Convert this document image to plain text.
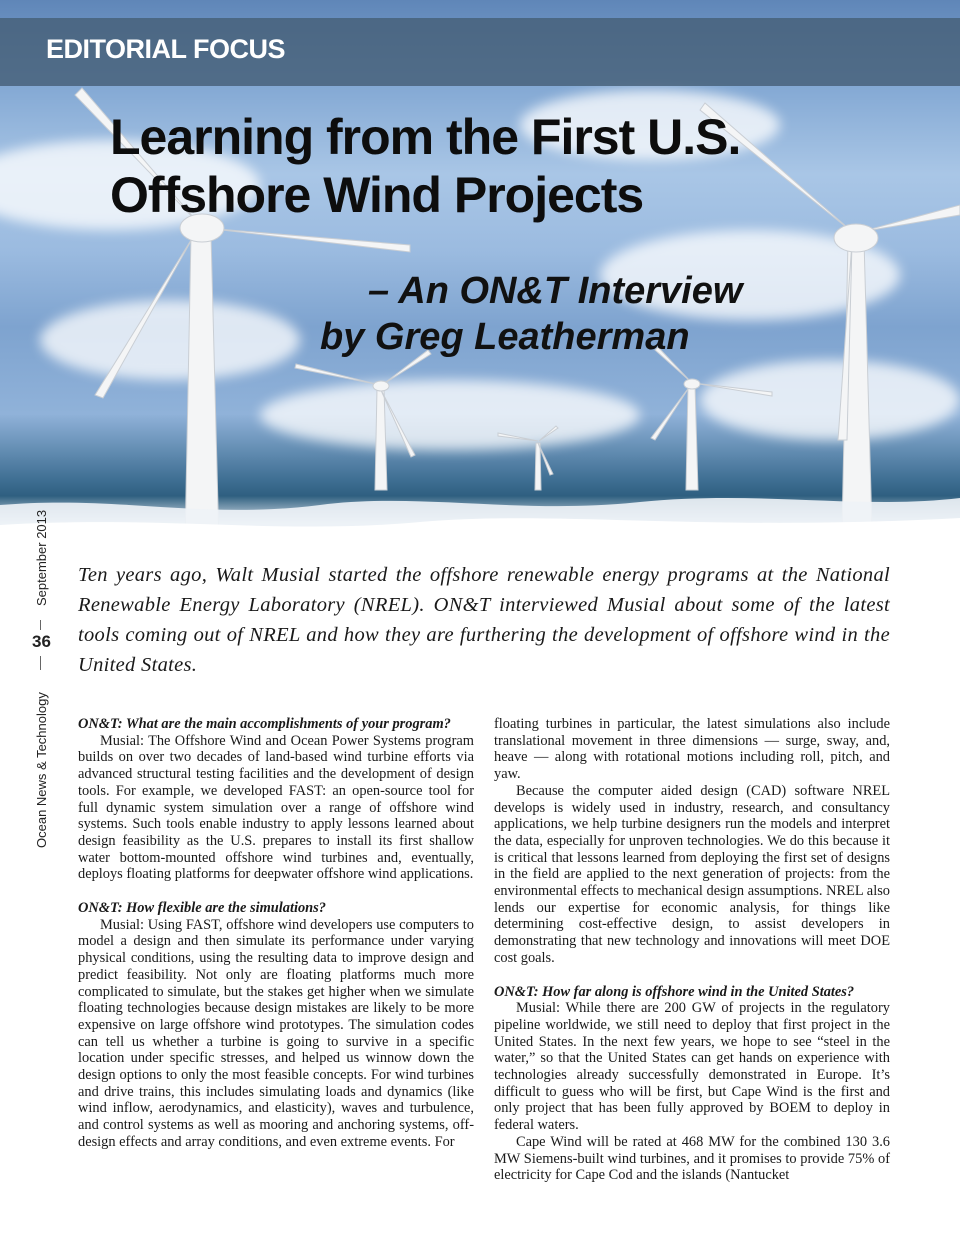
EDITORIAL FOCUS
Learning from the First U.S.
Offshore Wind Projects
– An ON&T Interview
by Greg Leatherman
September 2013
36
Ocean News & Technology

Ten years ago, Walt Musial started the offshore renewable energy programs at the National Renewable Energy Laboratory (NREL). ON&T interviewed Musial about some of the latest tools coming out of NREL and how they are furthering the development of offshore wind in the United States.

ON&T: What are the main accomplishments of your program?

Musial: The Offshore Wind and Ocean Power Systems program builds on over two decades of land-based wind turbine efforts via advanced structural testing facilities and the development of design tools. For example, we developed FAST: an open-source tool for full dynamic system simulation over a range of offshore wind systems. Such tools enable industry to apply lessons learned about design feasibility as the U.S. prepares to install its first shallow water bottom-mounted offshore wind turbines and, eventually, deploys floating platforms for deepwater offshore wind applications.

ON&T: How flexible are the simulations?

Musial: Using FAST, offshore wind developers use computers to model a design and then simulate its performance under varying physical conditions, using the resulting data to improve design and predict feasibility. Not only are floating platforms much more complicated to simulate, but the stakes get higher when we simulate floating technologies because design mistakes are likely to be more expensive on large offshore wind prototypes. The simulation codes can tell us whether a turbine is going to survive in a specific location under specific stresses, and helped us winnow down the design options to only the most feasible concepts. For wind turbines and drive trains, this includes simulating loads and dynamics (like wind inflow, aerodynamics, and elasticity), waves and turbulence, and control systems as well as mooring and anchoring systems, off-design effects and array conditions, and even extreme events. For

floating turbines in particular, the latest simulations also include translational movement in three dimensions — surge, sway, and, heave — along with rotational motions including roll, pitch, and yaw.

Because the computer aided design (CAD) software NREL develops is widely used in industry, research, and consultancy applications, we help turbine designers run the models and interpret the data, especially for unproven technologies. We do this because it is critical that lessons learned from deploying the first set of designs in the field are applied to the next generation of projects: from the environmental effects to mechanical design assumptions. NREL also lends our expertise for economic analysis, for things like determining cost-effective design, to assist developers in demonstrating that new technology and innovations will meet DOE cost goals.

ON&T: How far along is offshore wind in the United States?

Musial: While there are 200 GW of projects in the regulatory pipeline worldwide, we still need to deploy that first project in the United States. In the next few years, we hope to see “steel in the water,” so that the United States can get hands on experience with technologies already successfully demonstrated in Europe. It’s difficult to guess who will be first, but Cape Wind is the first and only project that has been fully approved by BOEM to deploy in federal waters.

Cape Wind will be rated at 468 MW for the combined 130 3.6 MW Siemens-built wind turbines, and it promises to provide 75% of electricity for Cape Cod and the islands (Nantucket
